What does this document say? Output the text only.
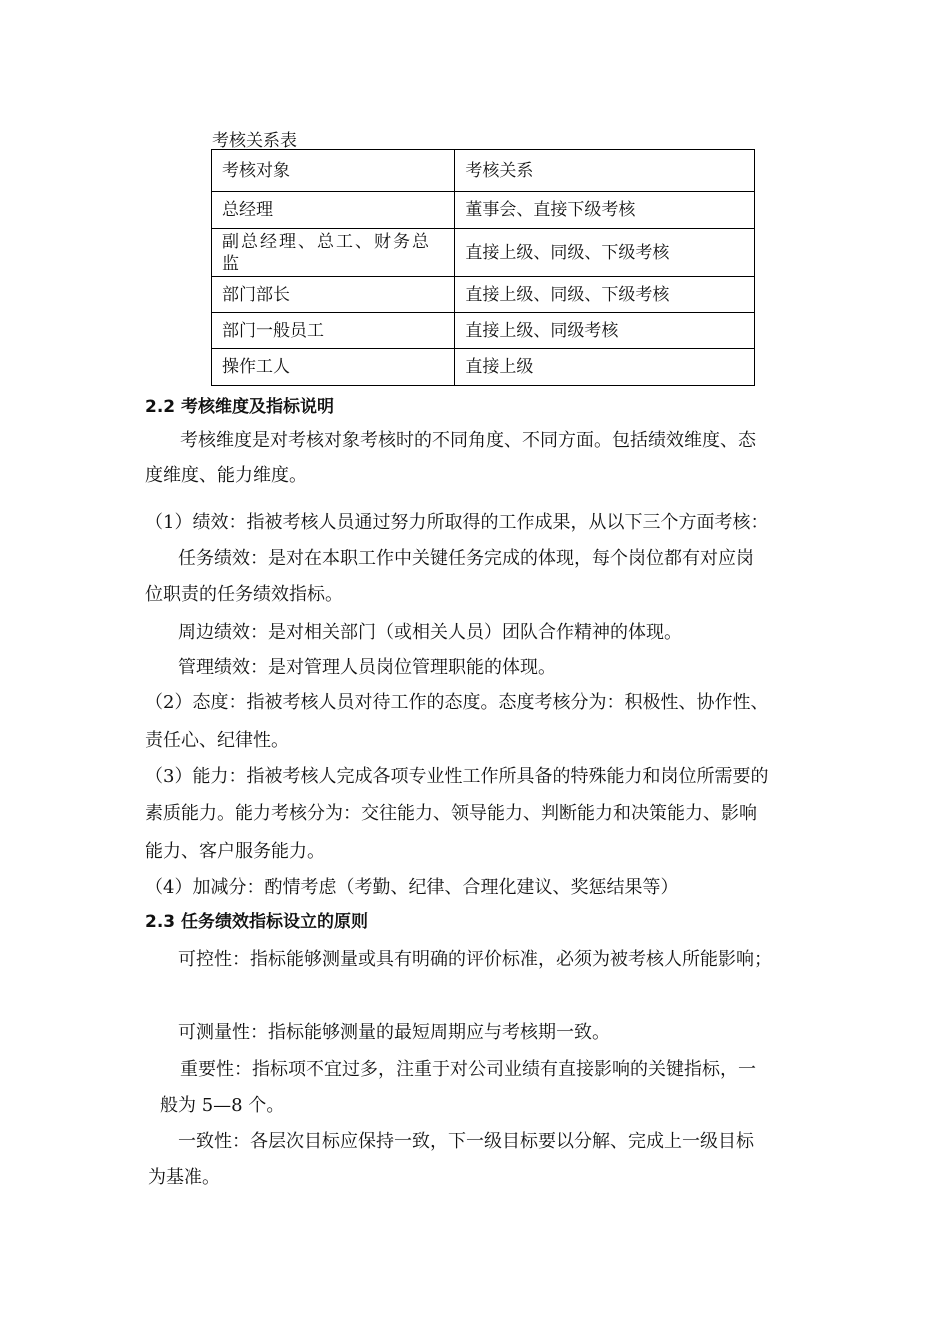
考核关系表
考核对象	考核关系
总经理	董事会、直接下级考核
副总经理、总工、财务总监	直接上级、同级、下级考核
部门部长	直接上级、同级、下级考核
部门一般员工	直接上级、同级考核
操作工人	直接上级
2.2 考核维度及指标说明
考核维度是对考核对象考核时的不同角度、不同方面。包括绩效维度、态
度维度、能力维度。
（1）绩效：指被考核人员通过努力所取得的工作成果，从以下三个方面考核：
任务绩效：是对在本职工作中关键任务完成的体现，每个岗位都有对应岗
位职责的任务绩效指标。
周边绩效：是对相关部门（或相关人员）团队合作精神的体现。
管理绩效：是对管理人员岗位管理职能的体现。
（2）态度：指被考核人员对待工作的态度。态度考核分为：积极性、协作性、
责任心、纪律性。
（3）能力：指被考核人完成各项专业性工作所具备的特殊能力和岗位所需要的
素质能力。能力考核分为：交往能力、领导能力、判断能力和决策能力、影响
能力、客户服务能力。
（4）加减分：酌情考虑（考勤、纪律、合理化建议、奖惩结果等）
2.3 任务绩效指标设立的原则
可控性：指标能够测量或具有明确的评价标准，必须为被考核人所能影响；
可测量性：指标能够测量的最短周期应与考核期一致。
重要性：指标项不宜过多，注重于对公司业绩有直接影响的关键指标，一
般为 5—8 个。
一致性：各层次目标应保持一致，下一级目标要以分解、完成上一级目标
为基准。
